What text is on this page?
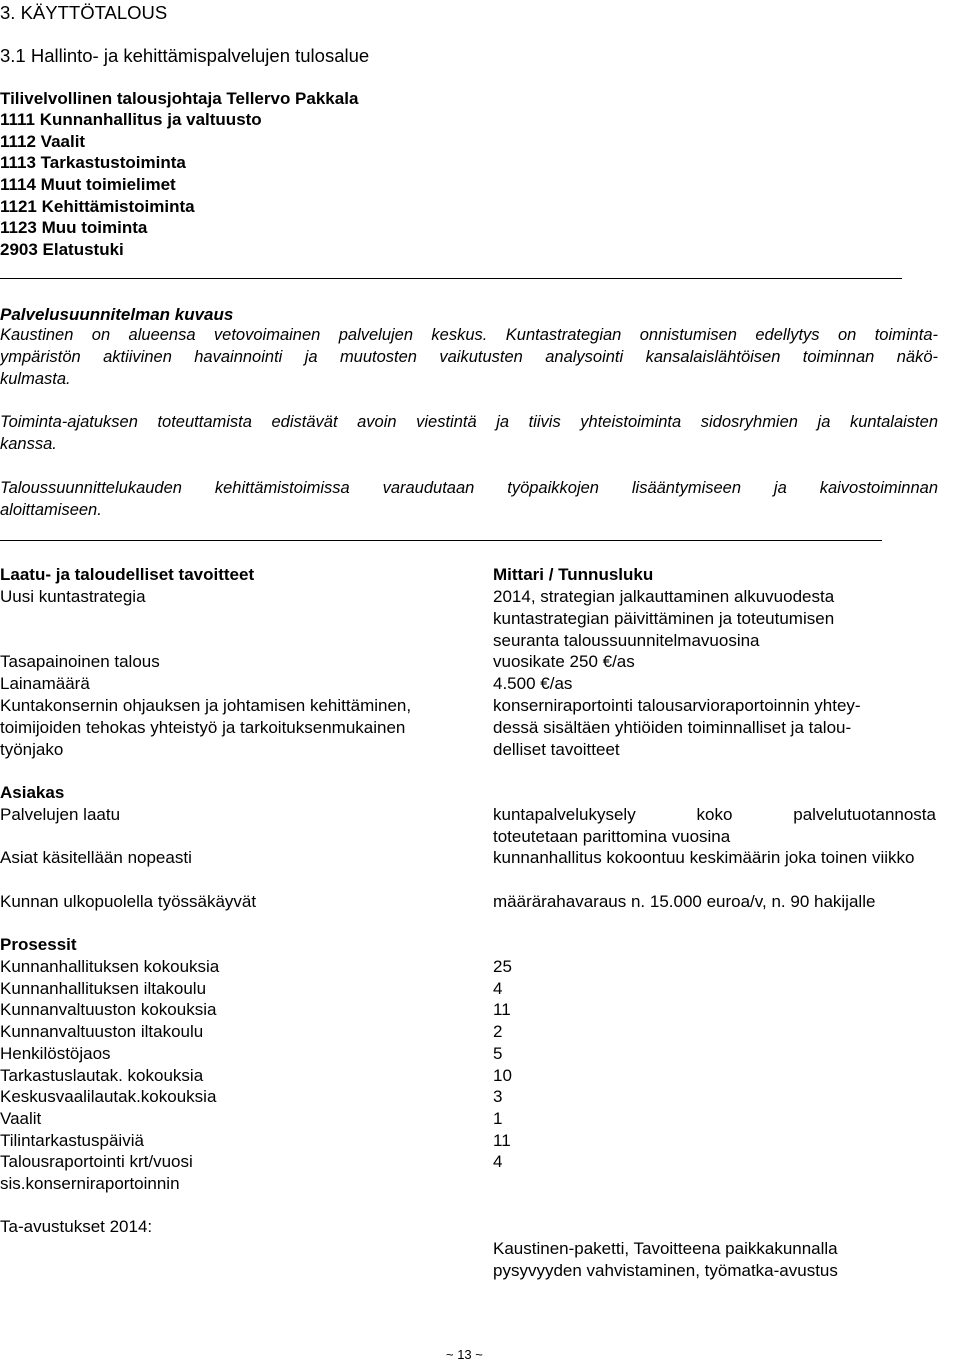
3. KÄYTTÖTALOUS
3.1 Hallinto- ja kehittämispalvelujen tulosalue
Tilivelvollinen talousjohtaja Tellervo Pakkala
1111 Kunnanhallitus ja valtuusto
1112 Vaalit
1113 Tarkastustoiminta
1114 Muut toimielimet
1121 Kehittämistoiminta
1123 Muu toiminta
2903 Elatustuki
Palvelusuunnitelman kuvaus
Kaustinen on alueensa vetovoimainen palvelujen keskus. Kuntastrategian onnistumisen edellytys on toiminta-
ympäristön aktiivinen havainnointi ja muutosten vaikutusten analysointi kansalaislähtöisen toiminnan näkö-
kulmasta.
Toiminta-ajatuksen toteuttamista edistävät avoin viestintä ja tiivis yhteistoiminta sidosryhmien ja kuntalaisten
kanssa.
Taloussuunnittelukauden kehittämistoimissa varaudutaan työpaikkojen lisääntymiseen ja kaivostoiminnan
aloittamiseen.
Laatu- ja taloudelliset tavoitteet	Mittari / Tunnusluku
Uusi kuntastrategia	2014, strategian jalkauttaminen alkuvuodesta
kuntastrategian päivittäminen ja toteutumisen
seuranta taloussuunnitelmavuosina
Tasapainoinen talous	vuosikate 250 €/as
Lainamäärä	4.500 €/as
Kuntakonsernin ohjauksen ja johtamisen kehittäminen,	konserniraportointi talousarvioraportoinnin yhtey-
toimijoiden tehokas yhteistyö ja tarkoituksenmukainen	dessä sisältäen yhtiöiden toiminnalliset ja talou-
työnjako	delliset tavoitteet
Asiakas
Palvelujen laatu	kuntapalvelukysely koko palvelutuotannosta
toteutetaan parittomina vuosina
Asiat käsitellään nopeasti	kunnanhallitus kokoontuu keskimäärin joka toinen viikko
Kunnan ulkopuolella työssäkäyvät	määrärahavaraus n. 15.000 euroa/v, n. 90 hakijalle
Prosessit
Kunnanhallituksen kokouksia	25
Kunnanhallituksen iltakoulu	4
Kunnanvaltuuston kokouksia	11
Kunnanvaltuuston iltakoulu	2
Henkilöstöjaos	5
Tarkastuslautak. kokouksia	10
Keskusvaalilautak.kokouksia	3
Vaalit	1
Tilintarkastuspäiviä	11
Talousraportointi krt/vuosi	4
sis.konserniraportoinnin
Ta-avustukset 2014:
Kaustinen-paketti, Tavoitteena paikkakunnalla
pysyvyyden vahvistaminen, työmatka-avustus
~ 13 ~
